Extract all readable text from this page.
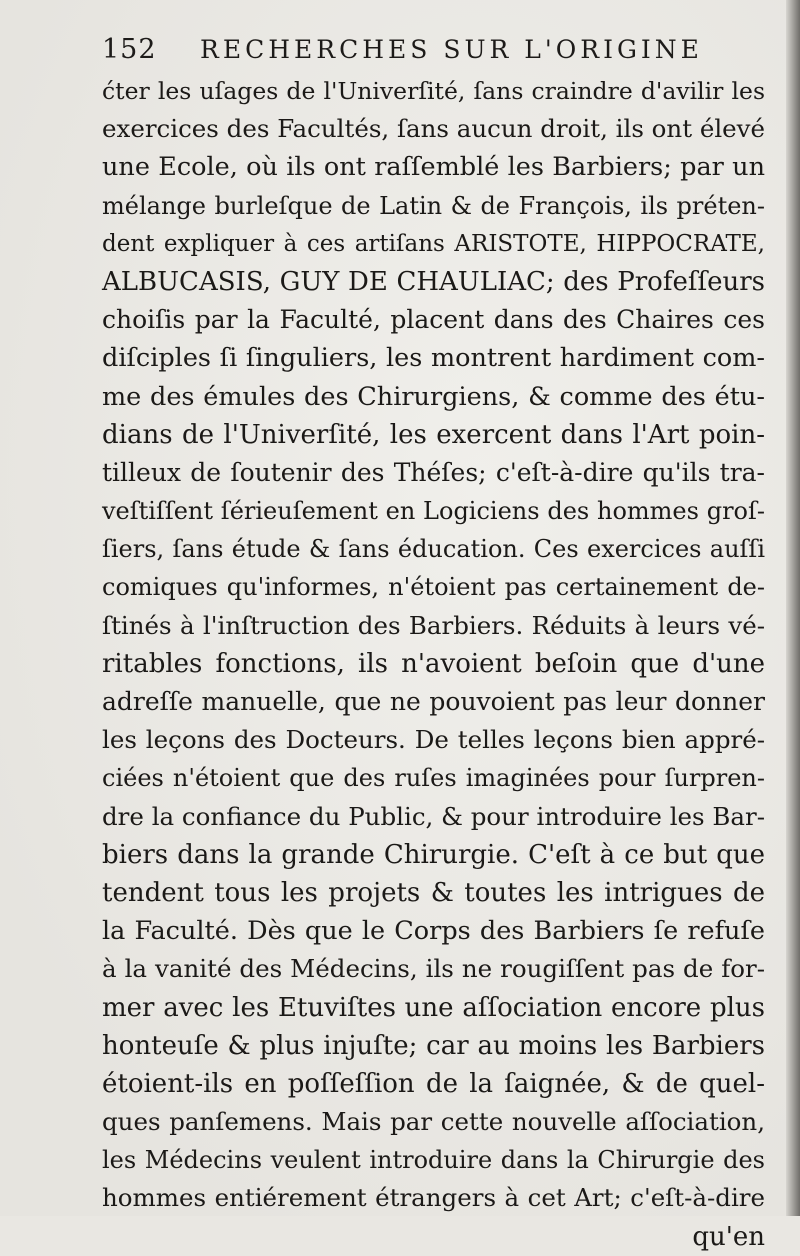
152 RECHERCHES SUR L'ORIGINE
ćter les uſages de l'Univerſité, ſans craindre d'avilir les
exercices des Facultés, ſans aucun droit, ils ont élevé
une Ecole, où ils ont raſſemblé les Barbiers; par un
mélange burleſque de Latin & de François, ils préten-
dent expliquer à ces artiſans ARISTOTE, HIPPOCRATE,
ALBUCASIS, GUY DE CHAULIAC; des Profeſſeurs
choiſis par la Faculté, placent dans des Chaires ces
diſciples ſi ſinguliers, les montrent hardiment com-
me des émules des Chirurgiens, & comme des étu-
dians de l'Univerſité, les exercent dans l'Art poin-
tilleux de ſoutenir des Théſes; c'eſt-à-dire qu'ils tra-
veſtiſſent ſérieuſement en Logiciens des hommes groſ-
ſiers, ſans étude & ſans éducation. Ces exercices auſſi
comiques qu'informes, n'étoient pas certainement de-
ſtinés à l'inſtruction des Barbiers. Réduits à leurs vé-
ritables fonctions, ils n'avoient beſoin que d'une
adreſſe manuelle, que ne pouvoient pas leur donner
les leçons des Docteurs. De telles leçons bien appré-
ciées n'étoient que des ruſes imaginées pour ſurpren-
dre la confiance du Public, & pour introduire les Bar-
biers dans la grande Chirurgie. C'eſt à ce but que
tendent tous les projets & toutes les intrigues de
la Faculté. Dès que le Corps des Barbiers ſe refuſe
à la vanité des Médecins, ils ne rougiſſent pas de for-
mer avec les Etuviſtes une aſſociation encore plus
honteuſe & plus injuſte; car au moins les Barbiers
étoient-ils en poſſeſſion de la ſaignée, & de quel-
ques panſemens. Mais par cette nouvelle aſſociation,
les Médecins veulent introduire dans la Chirurgie des
hommes entiérement étrangers à cet Art; c'eſt-à-dire
qu'en
